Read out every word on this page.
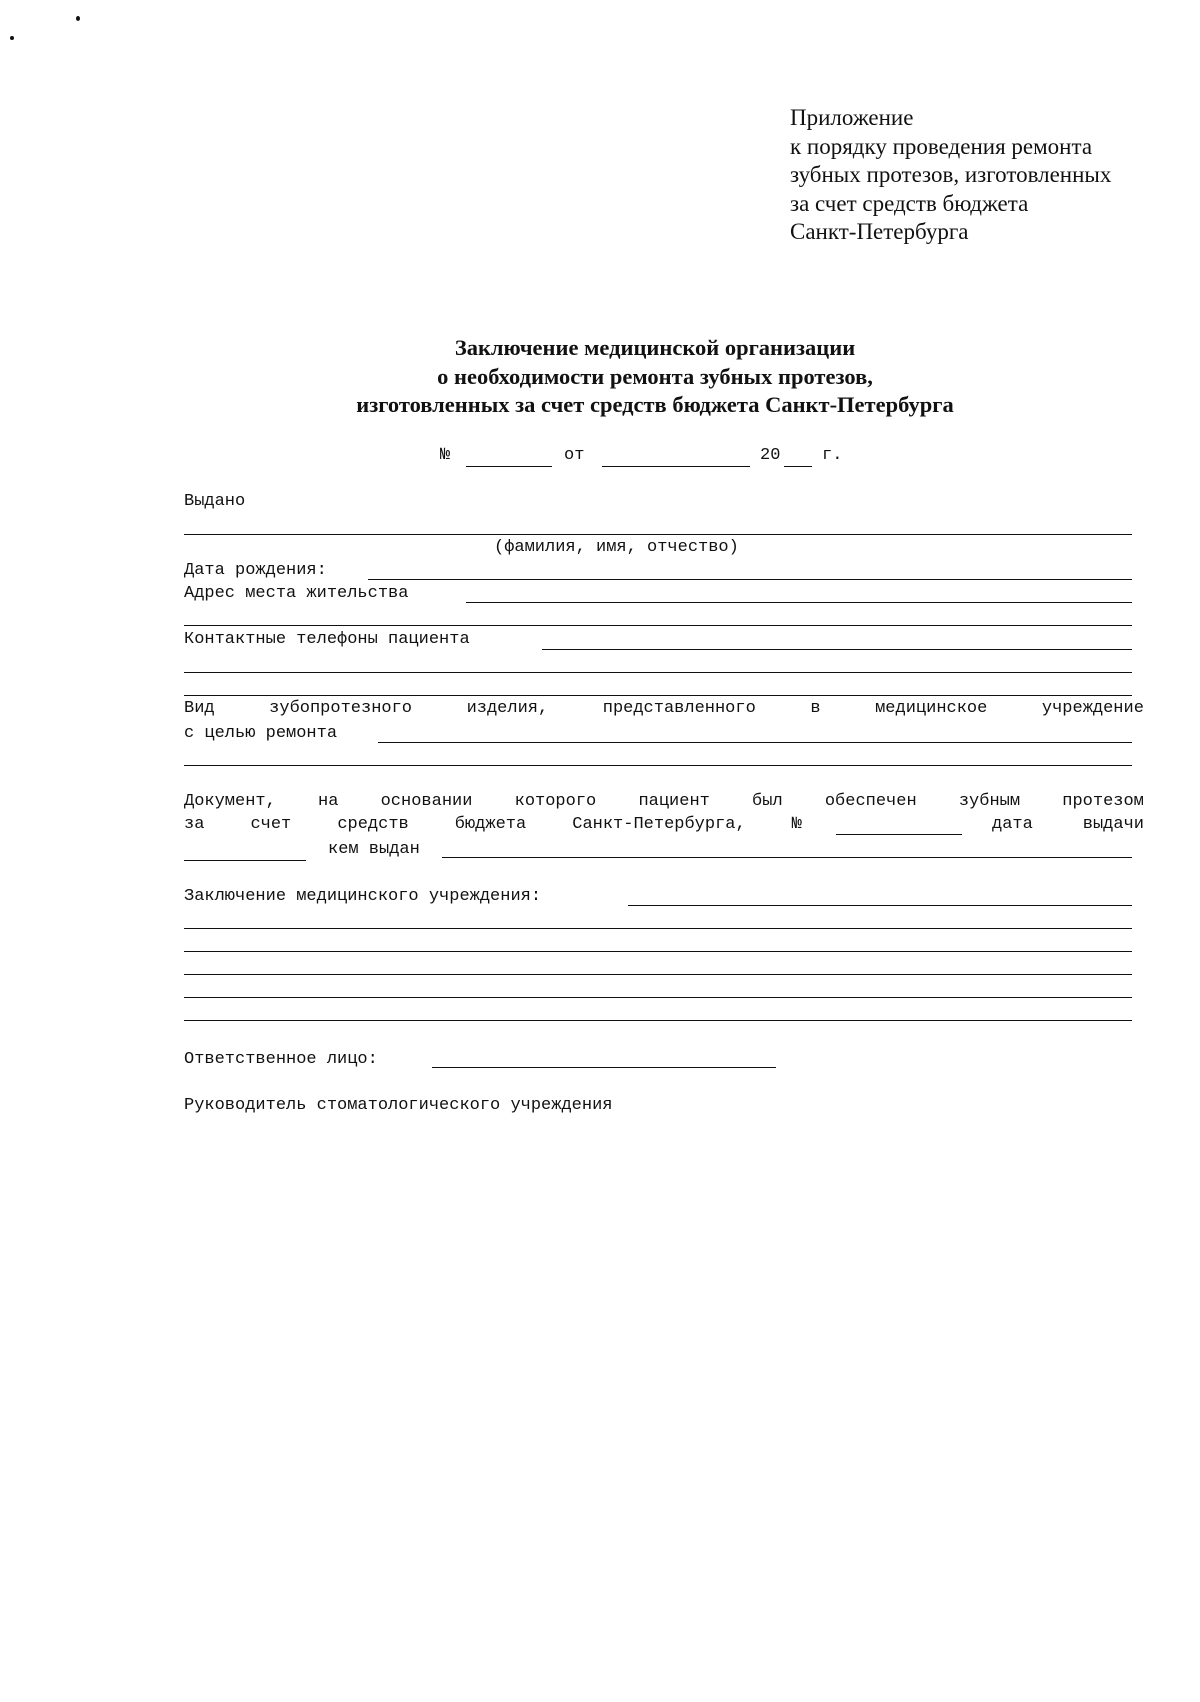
Приложение
к порядку проведения ремонта
зубных протезов, изготовленных
за счет средств бюджета
Санкт-Петербурга
Заключение медицинской организации
о необходимости ремонта зубных протезов,
изготовленных за счет средств бюджета Санкт-Петербурга
№	от	20 г.
Выдано
(фамилия, имя, отчество)
Дата рождения:
Адрес места жительства
Контактные телефоны пациента
Вид	зубопротезного	изделия,	представленного	в	медицинское	учреждение
с целью ремонта
Документ, на основании которого пациент был обеспечен зубным протезом
за	счет	средств	бюджета	Санкт-Петербурга,	№	дата	выдачи
кем выдан
Заключение медицинского учреждения:
Ответственное лицо:
Руководитель стоматологического учреждения
